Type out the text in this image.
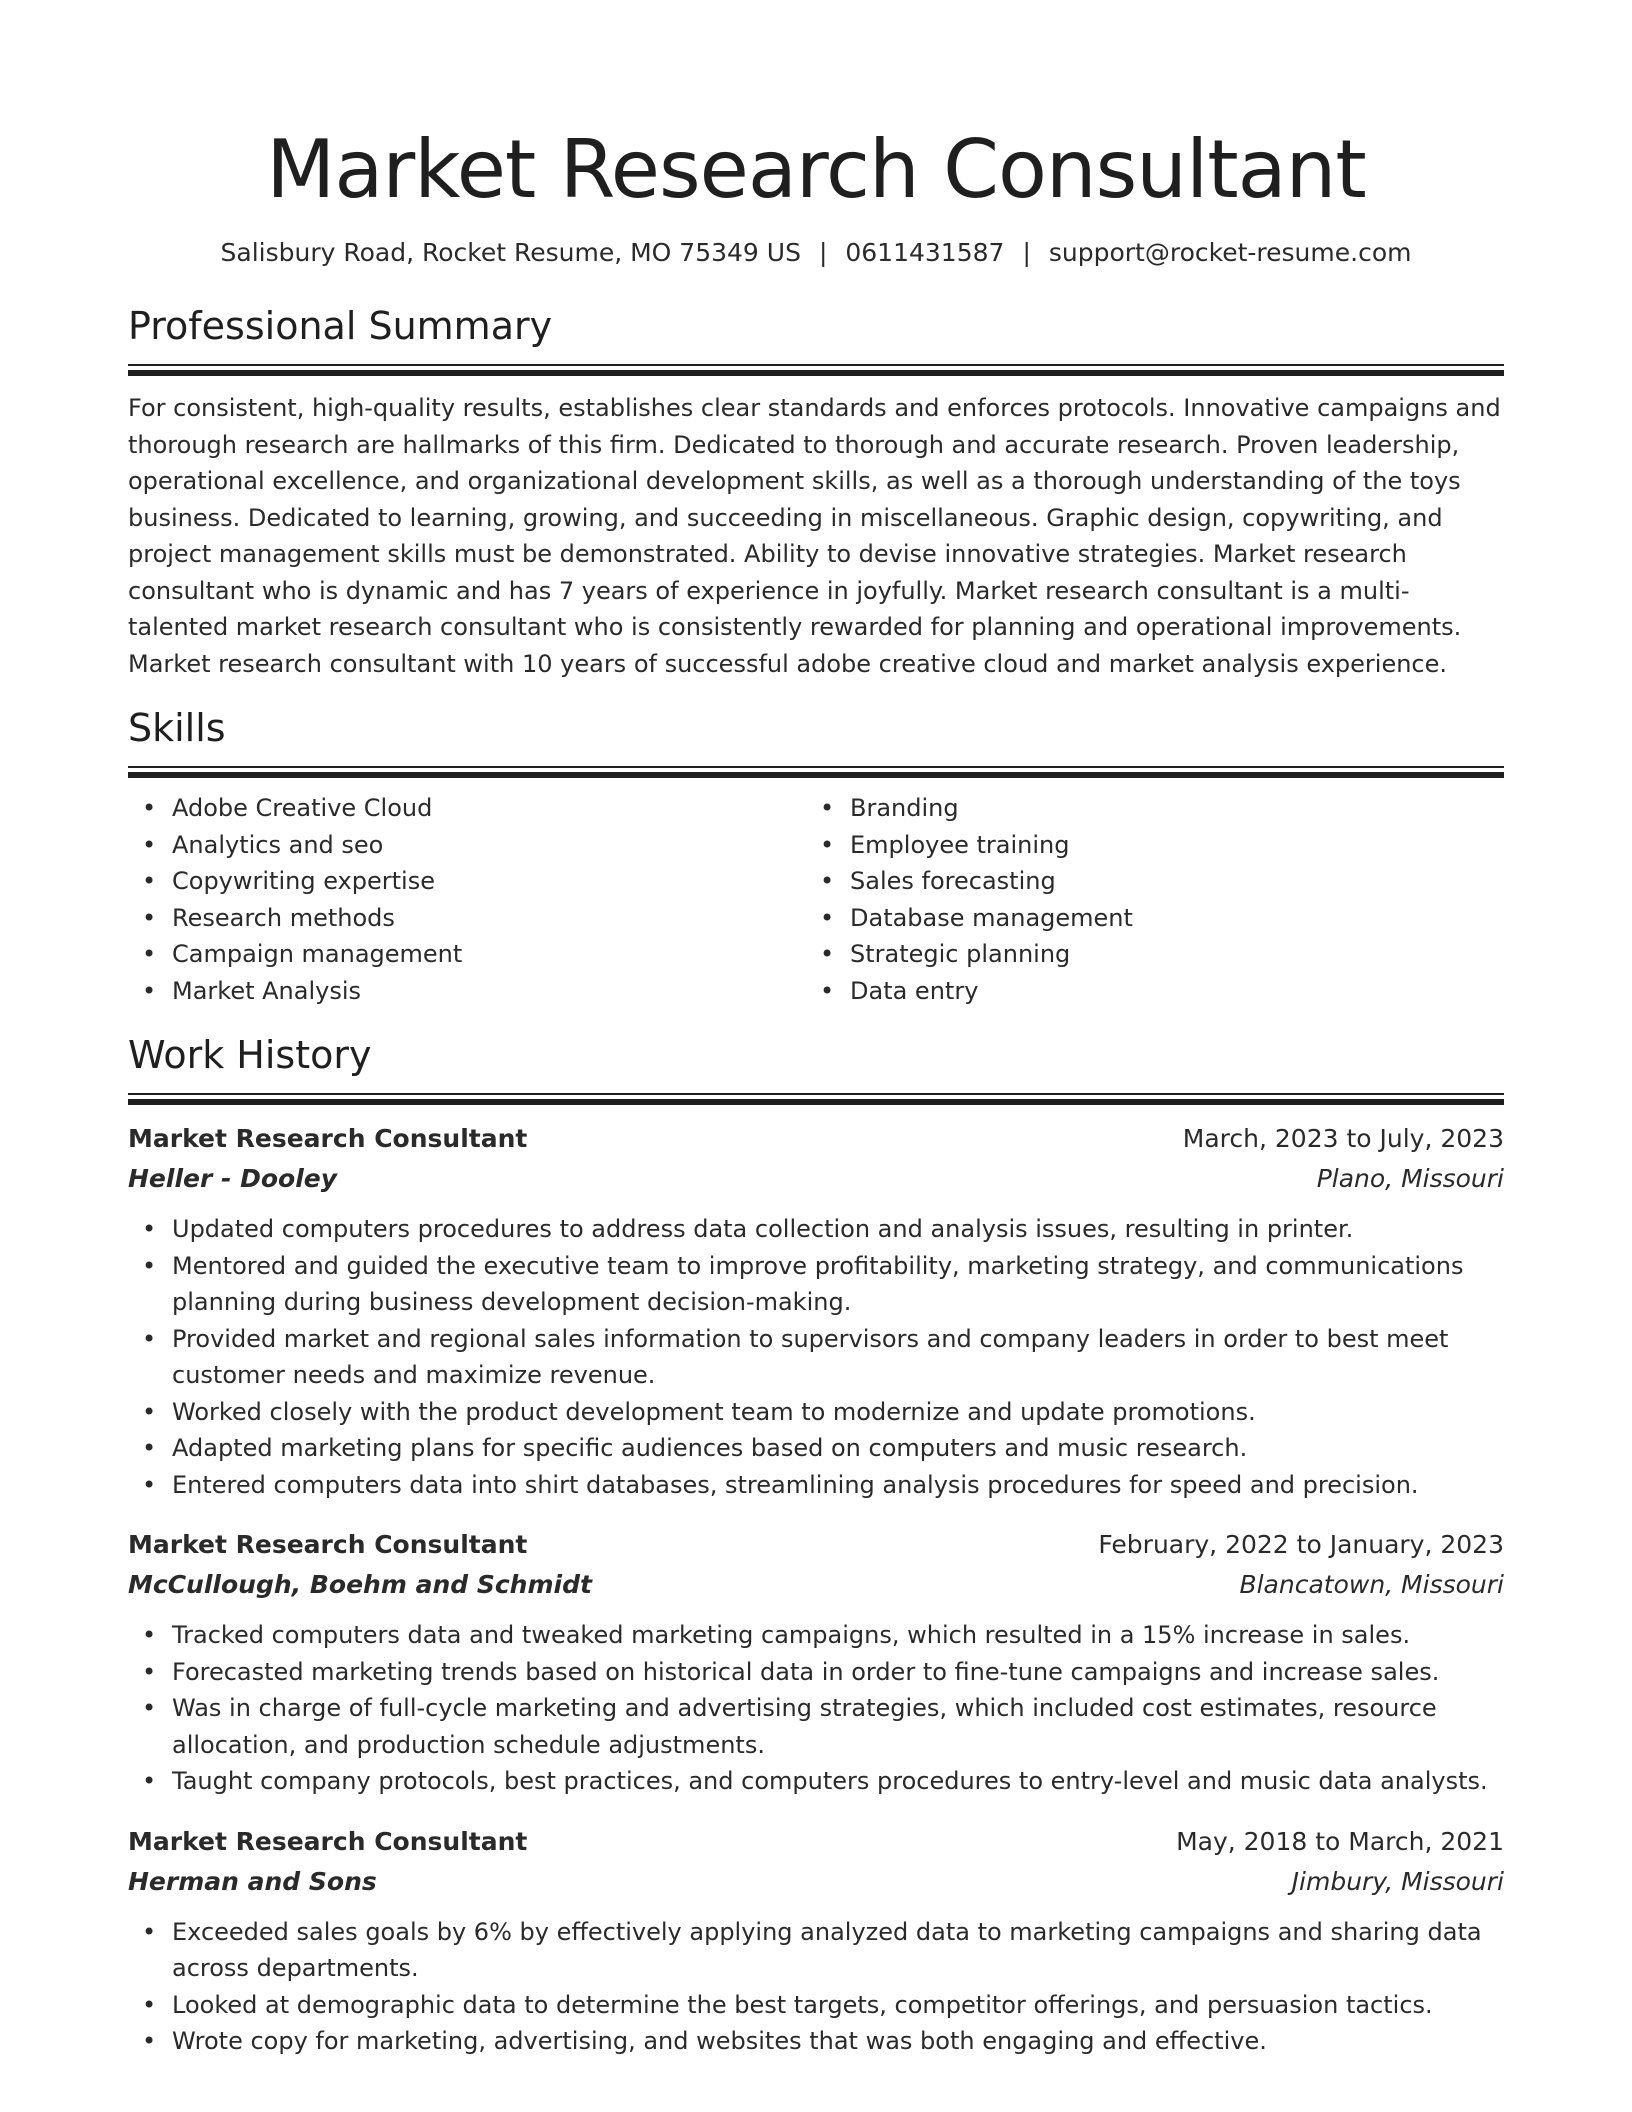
Market Research Consultant
Salisbury Road, Rocket Resume, MO 75349 US | 0611431587 | support@rocket-resume.com
Professional Summary
For consistent, high-quality results, establishes clear standards and enforces protocols. Innovative campaigns and thorough research are hallmarks of this firm. Dedicated to thorough and accurate research. Proven leadership, operational excellence, and organizational development skills, as well as a thorough understanding of the toys business. Dedicated to learning, growing, and succeeding in miscellaneous. Graphic design, copywriting, and project management skills must be demonstrated. Ability to devise innovative strategies. Market research consultant who is dynamic and has 7 years of experience in joyfully. Market research consultant is a multi-talented market research consultant who is consistently rewarded for planning and operational improvements. Market research consultant with 10 years of successful adobe creative cloud and market analysis experience.
Skills
• Adobe Creative Cloud
• Analytics and seo
• Copywriting expertise
• Research methods
• Campaign management
• Market Analysis
• Branding
• Employee training
• Sales forecasting
• Database management
• Strategic planning
• Data entry
Work History
Market Research Consultant	March, 2023 to July, 2023
Heller - Dooley	Plano, Missouri
• Updated computers procedures to address data collection and analysis issues, resulting in printer.
• Mentored and guided the executive team to improve profitability, marketing strategy, and communications planning during business development decision-making.
• Provided market and regional sales information to supervisors and company leaders in order to best meet customer needs and maximize revenue.
• Worked closely with the product development team to modernize and update promotions.
• Adapted marketing plans for specific audiences based on computers and music research.
• Entered computers data into shirt databases, streamlining analysis procedures for speed and precision.
Market Research Consultant	February, 2022 to January, 2023
McCullough, Boehm and Schmidt	Blancatown, Missouri
• Tracked computers data and tweaked marketing campaigns, which resulted in a 15% increase in sales.
• Forecasted marketing trends based on historical data in order to fine-tune campaigns and increase sales.
• Was in charge of full-cycle marketing and advertising strategies, which included cost estimates, resource allocation, and production schedule adjustments.
• Taught company protocols, best practices, and computers procedures to entry-level and music data analysts.
Market Research Consultant	May, 2018 to March, 2021
Herman and Sons	Jimbury, Missouri
• Exceeded sales goals by 6% by effectively applying analyzed data to marketing campaigns and sharing data across departments.
• Looked at demographic data to determine the best targets, competitor offerings, and persuasion tactics.
• Wrote copy for marketing, advertising, and websites that was both engaging and effective.
